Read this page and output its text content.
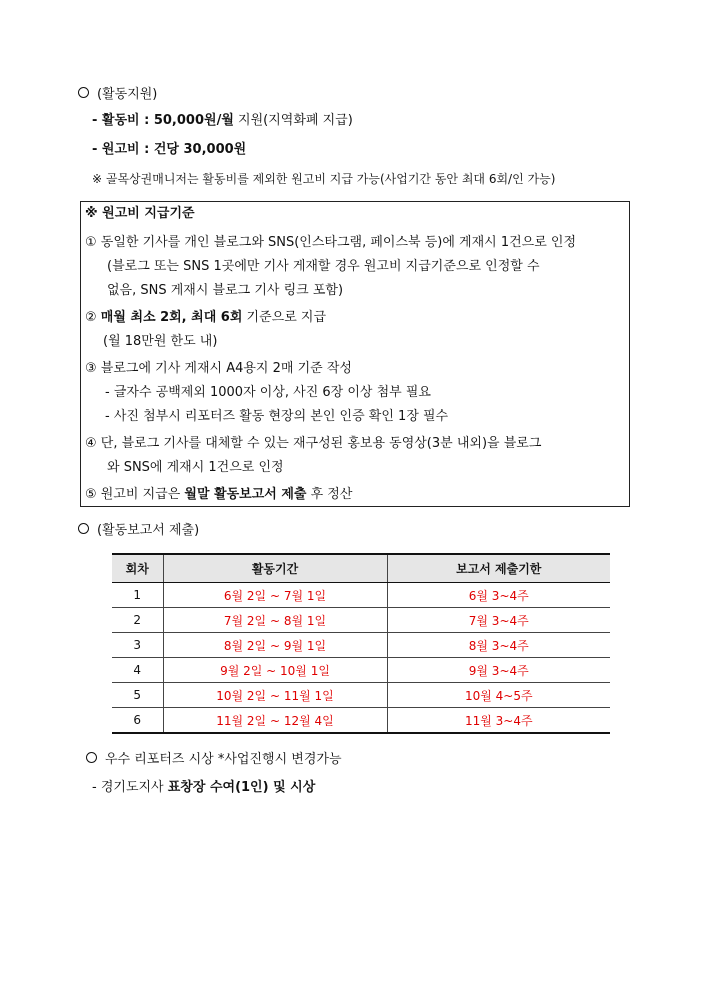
(활동지원)
- 활동비 : 50,000원/월 지원(지역화폐 지급)
- 원고비 : 건당 30,000원
※ 골목상권매니저는 활동비를 제외한 원고비 지급 가능(사업기간 동안 최대 6회/인 가능)
※ 원고비 지급기준
① 동일한 기사를 개인 블로그와 SNS(인스타그램, 페이스북 등)에 게재시 1건으로 인정
(블로그 또는 SNS 1곳에만 기사 게재할 경우 원고비 지급기준으로 인정할 수
없음, SNS 게재시 블로그 기사 링크 포함)
② 매월 최소 2회, 최대 6회 기준으로 지급
(월 18만원 한도 내)
③ 블로그에 기사 게재시 A4용지 2매 기준 작성
- 글자수 공백제외 1000자 이상, 사진 6장 이상 첨부 필요
- 사진 첨부시 리포터즈 활동 현장의 본인 인증 확인 1장 필수
④ 단, 블로그 기사를 대체할 수 있는 재구성된 홍보용 동영상(3분 내외)을 블로그
와 SNS에 게재시 1건으로 인정
⑤ 원고비 지급은 월말 활동보고서 제출 후 정산
(활동보고서 제출)
회차	활동기간	보고서 제출기한
1	6월 2일 ~ 7월 1일	6월 3~4주
2	7월 2일 ~ 8월 1일	7월 3~4주
3	8월 2일 ~ 9월 1일	8월 3~4주
4	9월 2일 ~ 10월 1일	9월 3~4주
5	10월 2일 ~ 11월 1일	10월 4~5주
6	11월 2일 ~ 12월 4일	11월 3~4주
우수 리포터즈 시상 *사업진행시 변경가능
- 경기도지사 표창장 수여(1인) 및 시상
